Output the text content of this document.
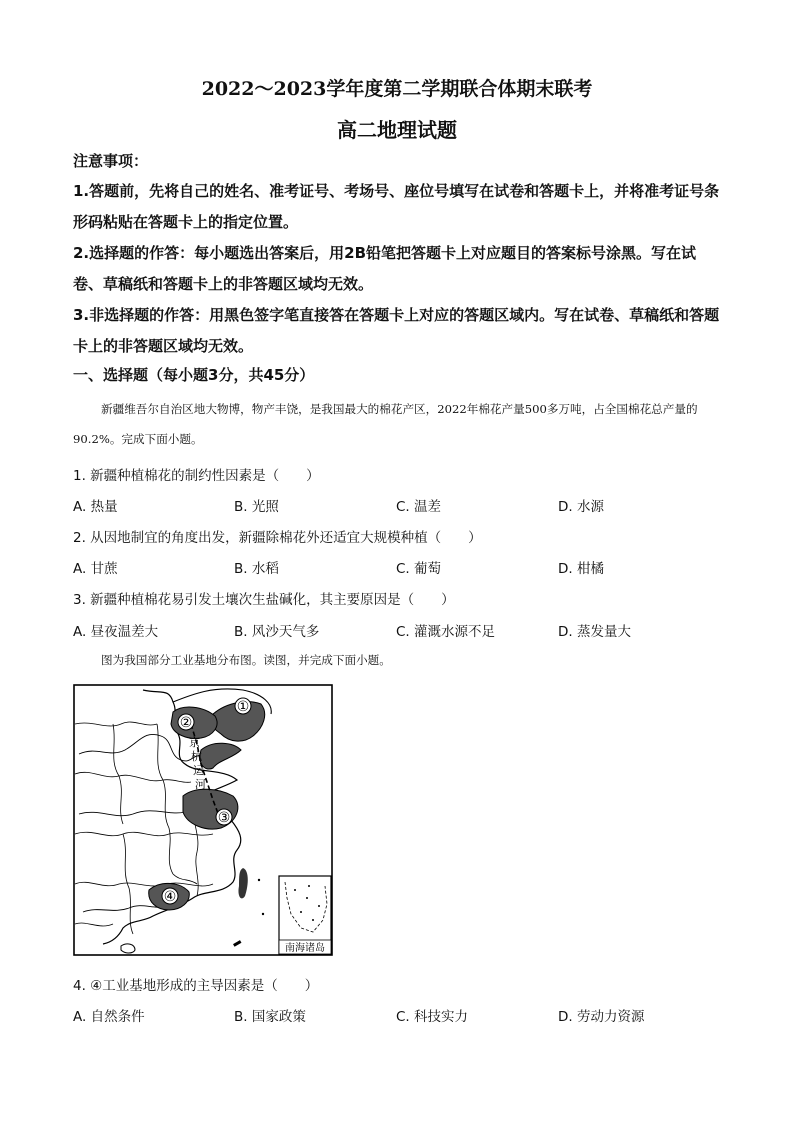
2022～2023学年度第二学期联合体期末联考
高二地理试题
注意事项：
1.答题前，先将自己的姓名、准考证号、考场号、座位号填写在试卷和答题卡上，并将准考证号条形码粘贴在答题卡上的指定位置。
2.选择题的作答：每小题选出答案后，用2B铅笔把答题卡上对应题目的答案标号涂黑。写在试卷、草稿纸和答题卡上的非答题区域均无效。
3.非选择题的作答：用黑色签字笔直接答在答题卡上对应的答题区域内。写在试卷、草稿纸和答题卡上的非答题区域均无效。
一、选择题（每小题3分，共45分）
新疆维吾尔自治区地大物博，物产丰饶，是我国最大的棉花产区，2022年棉花产量500多万吨，占全国棉花总产量的90.2%。完成下面小题。
1. 新疆种植棉花的制约性因素是（　　）
A. 热量	B. 光照	C. 温差	D. 水源
2. 从因地制宜的角度出发，新疆除棉花外还适宜大规模种植（　　）
A. 甘蔗	B. 水稻	C. 葡萄	D. 柑橘
3. 新疆种植棉花易引发土壤次生盐碱化，其主要原因是（　　）
A. 昼夜温差大	B. 风沙天气多	C. 灌溉水源不足	D. 蒸发量大
图为我国部分工业基地分布图。读图，并完成下面小题。
京 杭 运 河
①
②
③
④
南海诸岛
4. ④工业基地形成的主导因素是（　　）
A. 自然条件	B. 国家政策	C. 科技实力	D. 劳动力资源
